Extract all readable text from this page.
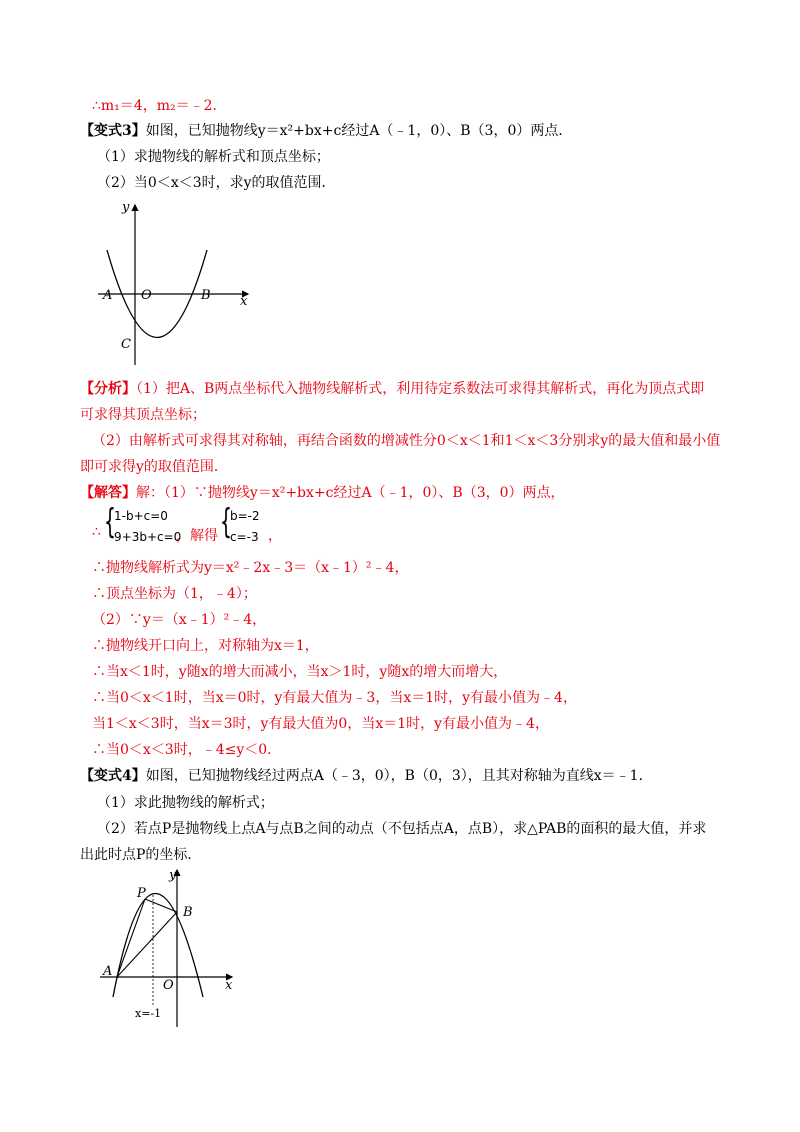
∴m₁＝4，m₂＝﹣2．
【变式3】如图，已知抛物线y＝x²+bx+c经过A（﹣1，0）、B（3，0）两点．
（1）求抛物线的解析式和顶点坐标；
（2）当0＜x＜3时，求y的取值范围．
y
x
A O	B
C
【分析】（1）把A、B两点坐标代入抛物线解析式，利用待定系数法可求得其解析式，再化为顶点式即
可求得其顶点坐标；
（2）由解析式可求得其对称轴，再结合函数的增减性分0＜x＜1和1＜x＜3分别求y的最大值和最小值
即可求得y的取值范围．
【解答】解：（1）∵抛物线y＝x²+bx+c经过A（﹣1，0）、B（3，0）两点，
∴ {
1-b+c=0
9+3b+c=0
，解得 {
b=-2
c=-3 ，
∴抛物线解析式为y＝x²﹣2x﹣3＝（x﹣1）²﹣4，
∴顶点坐标为（1，﹣4）；
（2）∵y＝（x﹣1）²﹣4，
∴抛物线开口向上，对称轴为x＝1，
∴当x＜1时，y随x的增大而减小，当x＞1时，y随x的增大而增大，
∴当0＜x＜1时，当x＝0时，y有最大值为﹣3，当x＝1时，y有最小值为﹣4，
当1＜x＜3时，当x＝3时，y有最大值为0，当x＝1时，y有最小值为﹣4，
∴当0＜x＜3时，﹣4≤y＜0．
【变式4】如图，已知抛物线经过两点A（﹣3，0），B（0，3），且其对称轴为直线x＝﹣1．
（1）求此抛物线的解析式；
（2）若点P是抛物线上点A与点B之间的动点（不包括点A，点B），求△PAB的面积的最大值，并求
出此时点P的坐标．
y
x
A
O
B
P
x=-1
